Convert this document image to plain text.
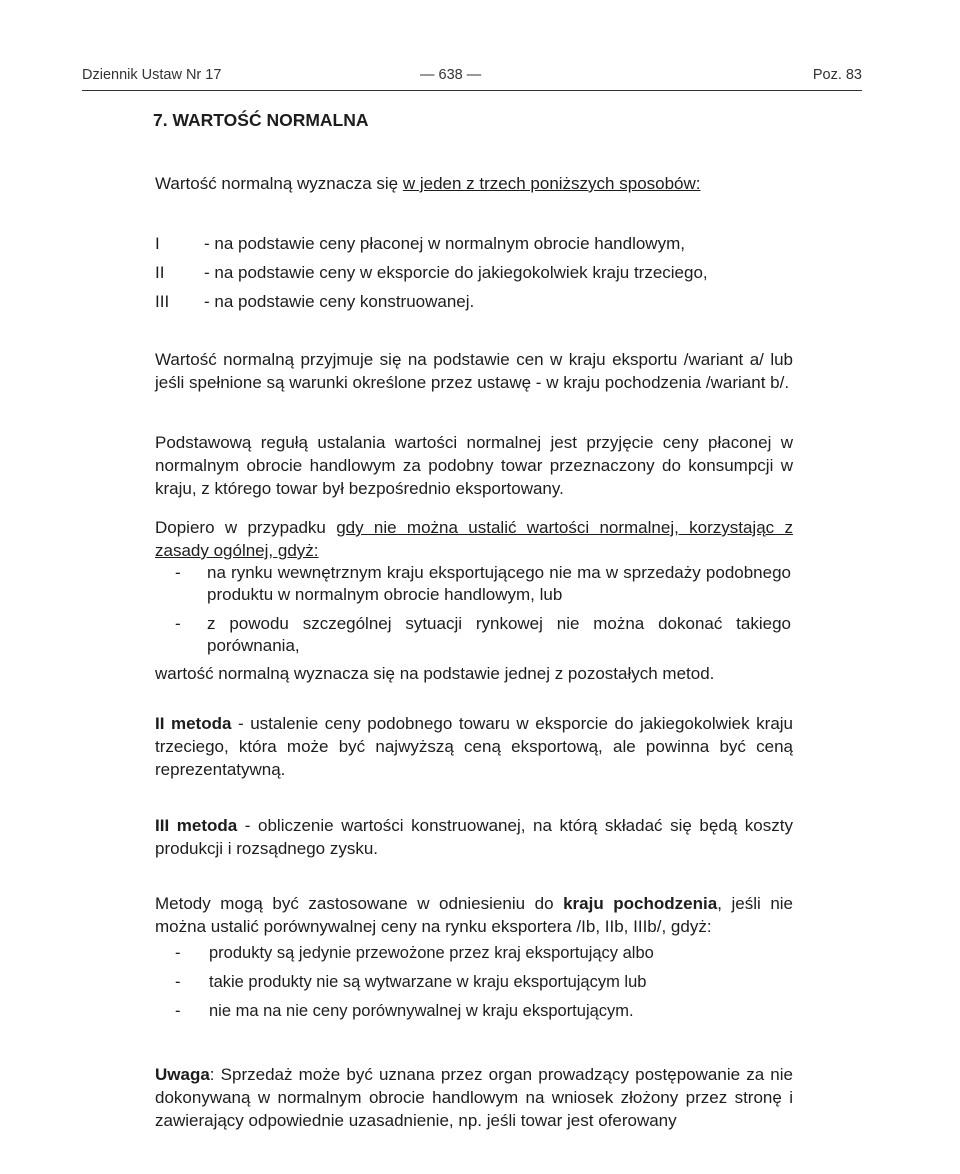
Dziennik Ustaw Nr 17	— 638 —	Poz. 83
7. WARTOŚĆ NORMALNA
Wartość normalną wyznacza się w jeden z trzech poniższych sposobów:
I	- na podstawie ceny płaconej w normalnym obrocie handlowym,
II - na podstawie ceny w eksporcie do jakiegokolwiek kraju trzeciego,
III - na podstawie ceny konstruowanej.
Wartość normalną przyjmuje się na podstawie cen w kraju eksportu /wariant a/ lub jeśli spełnione są warunki określone przez ustawę - w kraju pochodzenia /wariant b/.
Podstawową regułą ustalania wartości normalnej jest przyjęcie ceny płaconej w normalnym obrocie handlowym za podobny towar przeznaczony do konsumpcji w kraju, z którego towar był bezpośrednio eksportowany.
Dopiero w przypadku gdy nie można ustalić wartości normalnej, korzystając z zasady ogólnej, gdyż:
- na rynku wewnętrznym kraju eksportującego nie ma w sprzedaży podobnego produktu w normalnym obrocie handlowym, lub
- z powodu szczególnej sytuacji rynkowej nie można dokonać takiego porównania,
wartość normalną wyznacza się na podstawie jednej z pozostałych metod.
II metoda - ustalenie ceny podobnego towaru w eksporcie do jakiegokolwiek kraju trzeciego, która może być najwyższą ceną eksportową, ale powinna być ceną reprezentatywną.
III metoda - obliczenie wartości konstruowanej, na którą składać się będą koszty produkcji i rozsądnego zysku.
Metody mogą być zastosowane w odniesieniu do kraju pochodzenia, jeśli nie można ustalić porównywalnej ceny na rynku eksportera /Ib, IIb, IIIb/, gdyż:
- produkty są jedynie przewożone przez kraj eksportujący albo
- takie produkty nie są wytwarzane w kraju eksportującym lub
- nie ma na nie ceny porównywalnej w kraju eksportującym.
Uwaga: Sprzedaż może być uznana przez organ prowadzący postępowanie za nie dokonywaną w normalnym obrocie handlowym na wniosek złożony przez stronę i zawierający odpowiednie uzasadnienie, np. jeśli towar jest oferowany
